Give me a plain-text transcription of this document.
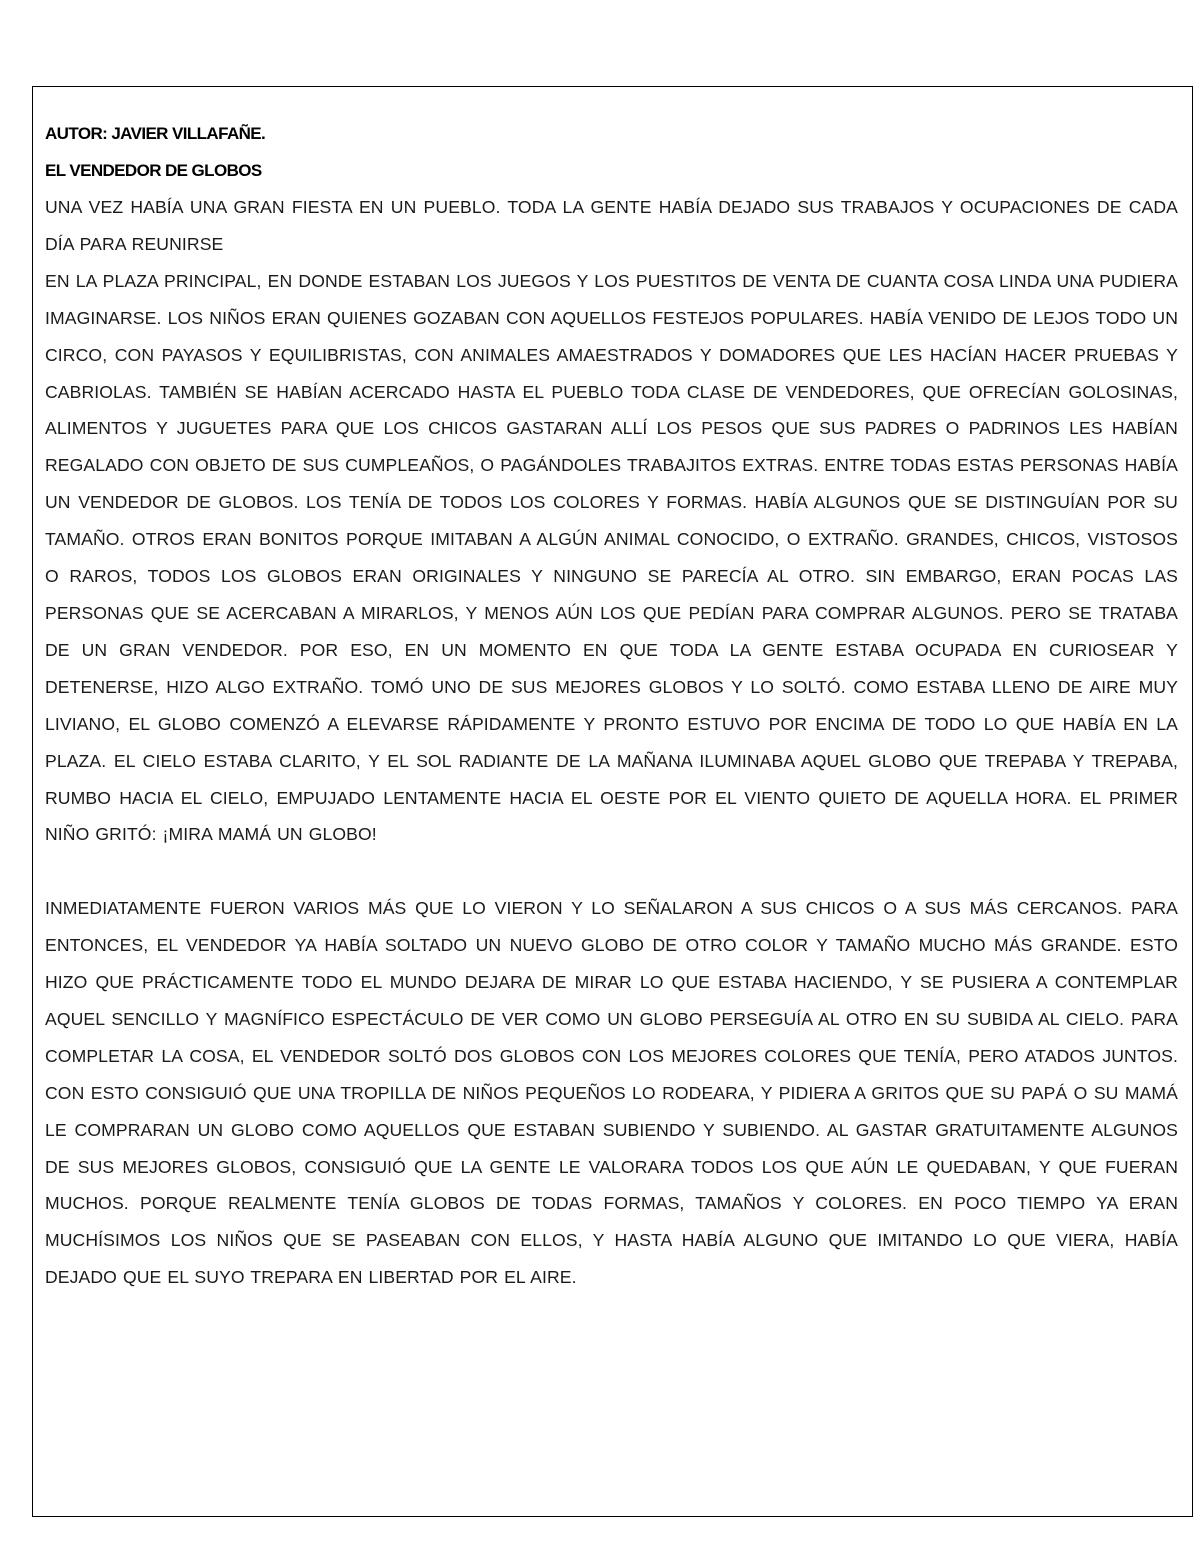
AUTOR: JAVIER VILLAFAÑE.

EL VENDEDOR DE GLOBOS

UNA VEZ HABÍA UNA GRAN FIESTA EN UN PUEBLO. TODA LA GENTE HABÍA DEJADO SUS TRABAJOS Y OCUPACIONES DE CADA DÍA PARA REUNIRSE

EN LA PLAZA PRINCIPAL, EN DONDE ESTABAN LOS JUEGOS Y LOS PUESTITOS DE VENTA DE CUANTA COSA LINDA UNA PUDIERA IMAGINARSE. LOS NIÑOS ERAN QUIENES GOZABAN CON AQUELLOS FESTEJOS POPULARES. HABÍA VENIDO DE LEJOS TODO UN CIRCO, CON PAYASOS Y EQUILIBRISTAS, CON ANIMALES AMAESTRADOS Y DOMADORES QUE LES HACÍAN HACER PRUEBAS Y CABRIOLAS. TAMBIÉN SE HABÍAN ACERCADO HASTA EL PUEBLO TODA CLASE DE VENDEDORES, QUE OFRECÍAN GOLOSINAS, ALIMENTOS Y JUGUETES PARA QUE LOS CHICOS GASTARAN ALLÍ LOS PESOS QUE SUS PADRES O PADRINOS LES HABÍAN REGALADO CON OBJETO DE SUS CUMPLEAÑOS, O PAGÁNDOLES TRABAJITOS EXTRAS. ENTRE TODAS ESTAS PERSONAS HABÍA UN VENDEDOR DE GLOBOS. LOS TENÍA DE TODOS LOS COLORES Y FORMAS. HABÍA ALGUNOS QUE SE DISTINGUÍAN POR SU TAMAÑO. OTROS ERAN BONITOS PORQUE IMITABAN A ALGÚN ANIMAL CONOCIDO, O EXTRAÑO. GRANDES, CHICOS, VISTOSOS O RAROS, TODOS LOS GLOBOS ERAN ORIGINALES Y NINGUNO SE PARECÍA AL OTRO. SIN EMBARGO, ERAN POCAS LAS PERSONAS QUE SE ACERCABAN A MIRARLOS, Y MENOS AÚN LOS QUE PEDÍAN PARA COMPRAR ALGUNOS. PERO SE TRATABA DE UN GRAN VENDEDOR. POR ESO, EN UN MOMENTO EN QUE TODA LA GENTE ESTABA OCUPADA EN CURIOSEAR Y DETENERSE, HIZO ALGO EXTRAÑO. TOMÓ UNO DE SUS MEJORES GLOBOS Y LO SOLTÓ. COMO ESTABA LLENO DE AIRE MUY LIVIANO, EL GLOBO COMENZÓ A ELEVARSE RÁPIDAMENTE Y PRONTO ESTUVO POR ENCIMA DE TODO LO QUE HABÍA EN LA PLAZA. EL CIELO ESTABA CLARITO, Y EL SOL RADIANTE DE LA MAÑANA ILUMINABA AQUEL GLOBO QUE TREPABA Y TREPABA, RUMBO HACIA EL CIELO, EMPUJADO LENTAMENTE HACIA EL OESTE POR EL VIENTO QUIETO DE AQUELLA HORA. EL PRIMER NIÑO GRITÓ: ¡MIRA MAMÁ UN GLOBO!

INMEDIATAMENTE FUERON VARIOS MÁS QUE LO VIERON Y LO SEÑALARON A SUS CHICOS O A SUS MÁS CERCANOS. PARA ENTONCES, EL VENDEDOR YA HABÍA SOLTADO UN NUEVO GLOBO DE OTRO COLOR Y TAMAÑO MUCHO MÁS GRANDE. ESTO HIZO QUE PRÁCTICAMENTE TODO EL MUNDO DEJARA DE MIRAR LO QUE ESTABA HACIENDO, Y SE PUSIERA A CONTEMPLAR AQUEL SENCILLO Y MAGNÍFICO ESPECTÁCULO DE VER COMO UN GLOBO PERSEGUÍA AL OTRO EN SU SUBIDA AL CIELO. PARA COMPLETAR LA COSA, EL VENDEDOR SOLTÓ DOS GLOBOS CON LOS MEJORES COLORES QUE TENÍA, PERO ATADOS JUNTOS. CON ESTO CONSIGUIÓ QUE UNA TROPILLA DE NIÑOS PEQUEÑOS LO RODEARA, Y PIDIERA A GRITOS QUE SU PAPÁ O SU MAMÁ LE COMPRARAN UN GLOBO COMO AQUELLOS QUE ESTABAN SUBIENDO Y SUBIENDO. AL GASTAR GRATUITAMENTE ALGUNOS DE SUS MEJORES GLOBOS, CONSIGUIÓ QUE LA GENTE LE VALORARA TODOS LOS QUE AÚN LE QUEDABAN, Y QUE FUERAN MUCHOS. PORQUE REALMENTE TENÍA GLOBOS DE TODAS FORMAS, TAMAÑOS Y COLORES. EN POCO TIEMPO YA ERAN MUCHÍSIMOS LOS NIÑOS QUE SE PASEABAN CON ELLOS, Y HASTA HABÍA ALGUNO QUE IMITANDO LO QUE VIERA, HABÍA DEJADO QUE EL SUYO TREPARA EN LIBERTAD POR EL AIRE.
